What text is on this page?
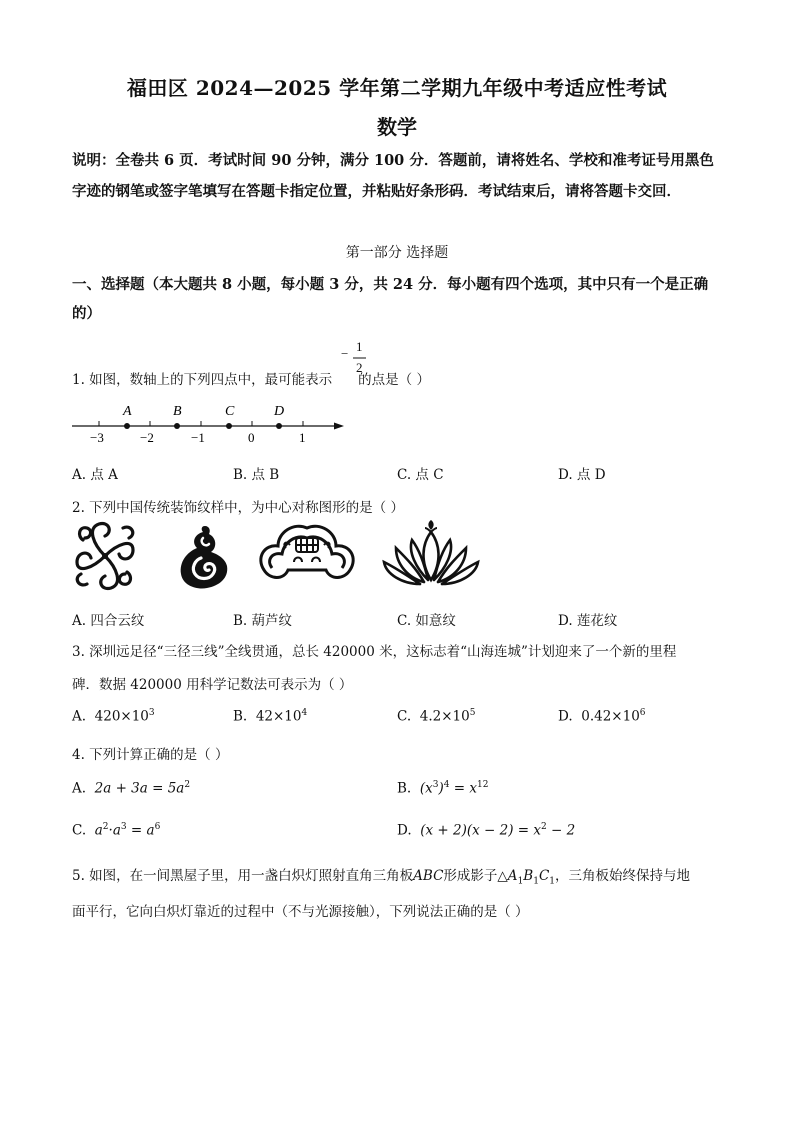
福田区 2024—2025 学年第二学期九年级中考适应性考试
数学
说明：全卷共 6 页．考试时间 90 分钟，满分 100 分．答题前，请将姓名、学校和准考证号用黑色字迹的钢笔或签字笔填写在答题卡指定位置，并粘贴好条形码．考试结束后，请将答题卡交回．
第一部分 选择题
一、选择题（本大题共 8 小题，每小题 3 分，共 24 分．每小题有四个选项，其中只有一个是正确的）
1. 如图，数轴上的下列四点中，最可能表示 的点是（ ）
− 1
2
−3	−2	−1	0	1
A	B	C	D
A. 点 A	B. 点 B	C. 点 C	D. 点 D
2. 下列中国传统装饰纹样中，为中心对称图形的是（ ）
A. 四合云纹	B. 葫芦纹	C. 如意纹	D. 莲花纹
3. 深圳远足径“三径三线”全线贯通，总长 420000 米，这标志着“山海连城”计划迎来了一个新的里程
碑．数据 420000 用科学记数法可表示为（ ）
A. $420\times 10^3$	B. $42\times 10^4$	C. $4.2\times 10^5$	D. $0.42\times 10^6$
4. 下列计算正确的是（ ）
A. $2a + 3a = 5a^2$	B. $(x^3)^4 = x^{12}$
C. $a^2\cdot a^3 = a^6$	D. $(x + 2)(x - 2) = x^2 - 2$
5. 如图，在一间黑屋子里，用一盏白炽灯照射直角三角板ABC形成影子$\triangle A_1B_1C_1$，三角板始终保持与地
面平行，它向白炽灯靠近的过程中（不与光源接触），下列说法正确的是（ ）
